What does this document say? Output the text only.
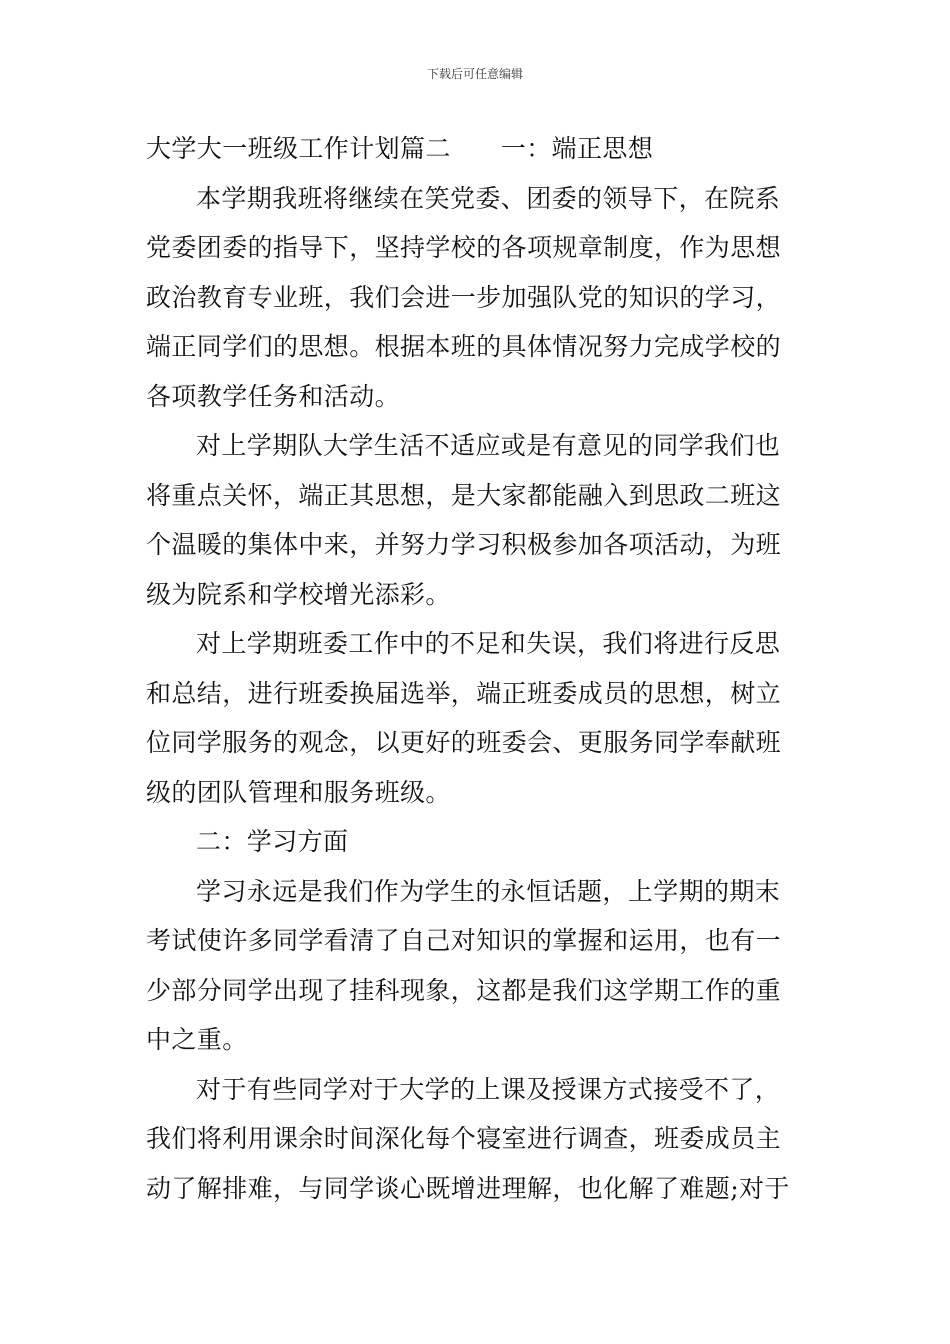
下载后可任意编辑
大学大一班级工作计划篇二 一：端正思想
本学期我班将继续在笑党委、团委的领导下，在院系
党委团委的指导下，坚持学校的各项规章制度，作为思想
政治教育专业班，我们会进一步加强队党的知识的学习，
端正同学们的思想。根据本班的具体情况努力完成学校的
各项教学任务和活动。
对上学期队大学生活不适应或是有意见的同学我们也
将重点关怀，端正其思想，是大家都能融入到思政二班这
个温暖的集体中来，并努力学习积极参加各项活动，为班
级为院系和学校增光添彩。
对上学期班委工作中的不足和失误，我们将进行反思
和总结，进行班委换届选举，端正班委成员的思想，树立
位同学服务的观念，以更好的班委会、更服务同学奉献班
级的团队管理和服务班级。
二：学习方面
学习永远是我们作为学生的永恒话题，上学期的期末
考试使许多同学看清了自己对知识的掌握和运用，也有一
少部分同学出现了挂科现象，这都是我们这学期工作的重
中之重。
对于有些同学对于大学的上课及授课方式接受不了，
我们将利用课余时间深化每个寝室进行调查，班委成员主
动了解排难，与同学谈心既增进理解，也化解了难题;对于
